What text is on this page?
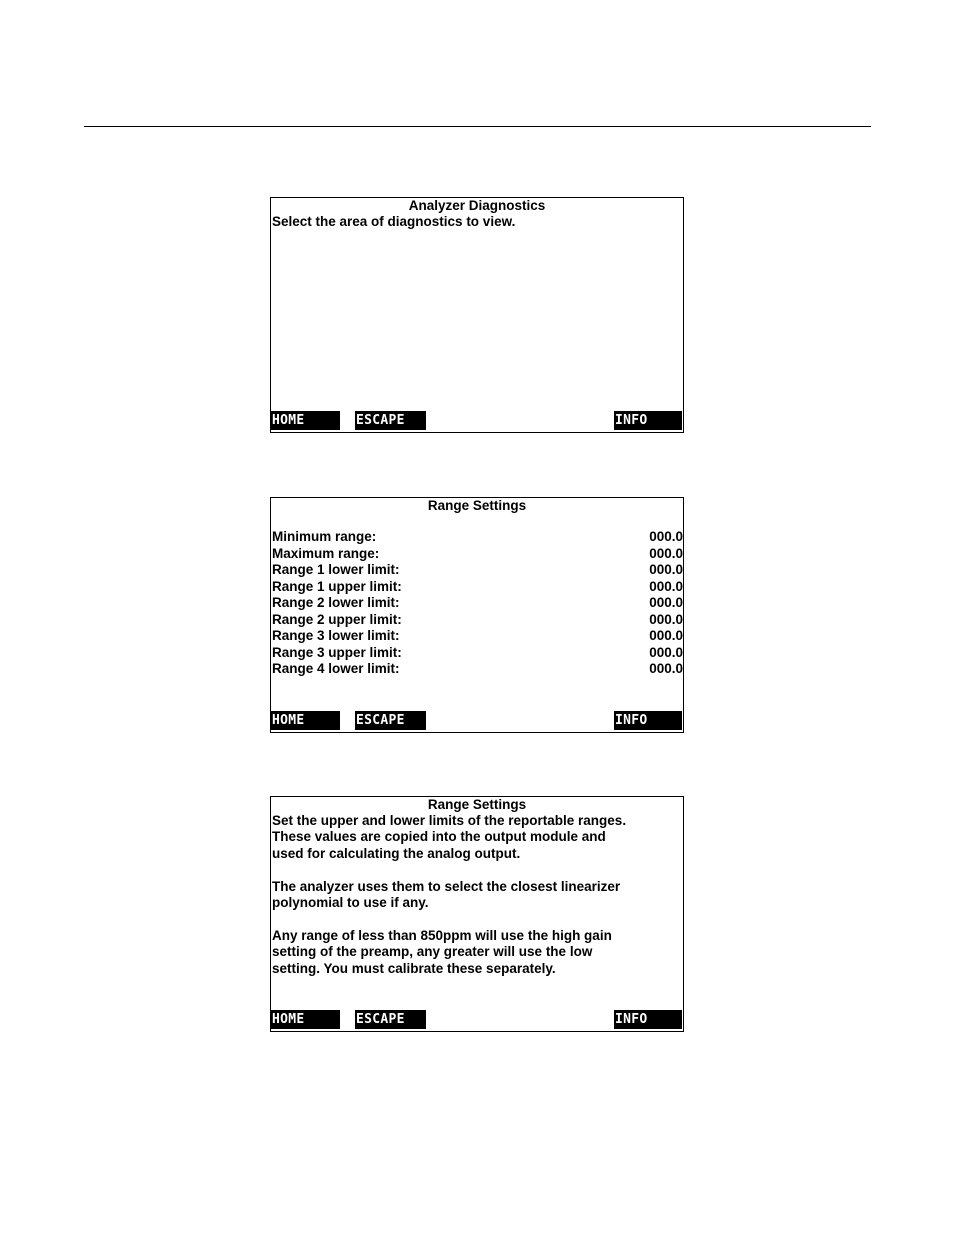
Analyzer Diagnostics

Select the area of diagnostics to view.

HOME	ESCAPE	INFO
Range Settings
Minimum range:	000.0
Maximum range:	000.0
Range 1 lower limit:	000.0
Range 1 upper limit:	000.0
Range 2 lower limit:	000.0
Range 2 upper limit:	000.0
Range 3 lower limit:	000.0
Range 3 upper limit:	000.0
Range 4 lower limit:	000.0
HOME	ESCAPE	INFO
Range Settings

Set the upper and lower limits of the reportable ranges.

These values are copied into the output module and

used for calculating the analog output.

The analyzer uses them to select the closest linearizer

polynomial to use if any.

Any range of less than 850ppm will use the high gain

setting of the preamp, any greater will use the low

setting. You must calibrate these separately.

HOME	ESCAPE	INFO
